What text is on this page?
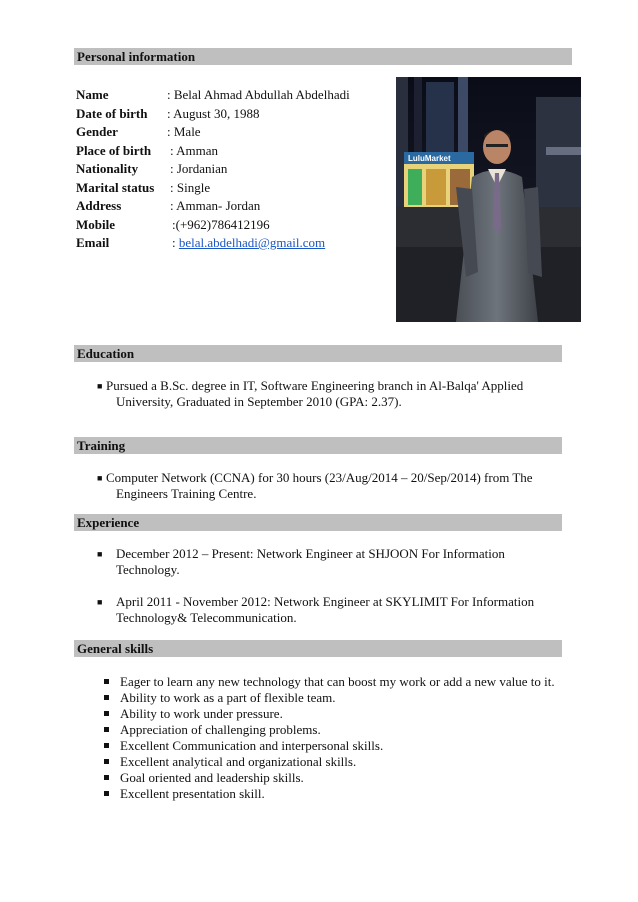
Personal information
Name	: Belal Ahmad Abdullah Abdelhadi
Date of birth : August 30, 1988
Gender	: Male
Place of birth : Amman
Nationality : Jordanian
Marital status : Single
Address	: Amman- Jordan
Mobile	:(+962)786412196
Email	: belal.abdelhadi@gmail.com
LuluMarket
Education
■ Pursued a B.Sc. degree in IT, Software Engineering branch in Al-Balqa' Applied
University, Graduated in September 2010 (GPA: 2.37).
Training
■ Computer Network (CCNA) for 30 hours (23/Aug/2014 – 20/Sep/2014) from The
Engineers Training Centre.
Experience
■ December 2012 – Present: Network Engineer at SHJOON For Information
Technology.
■ April 2011 - November 2012: Network Engineer at SKYLIMIT For Information
Technology& Telecommunication.
General skills
Eager to learn any new technology that can boost my work or add a new value to it.
Ability to work as a part of flexible team.
Ability to work under pressure.
Appreciation of challenging problems.
Excellent Communication and interpersonal skills.
Excellent analytical and organizational skills.
Goal oriented and leadership skills.
Excellent presentation skill.
